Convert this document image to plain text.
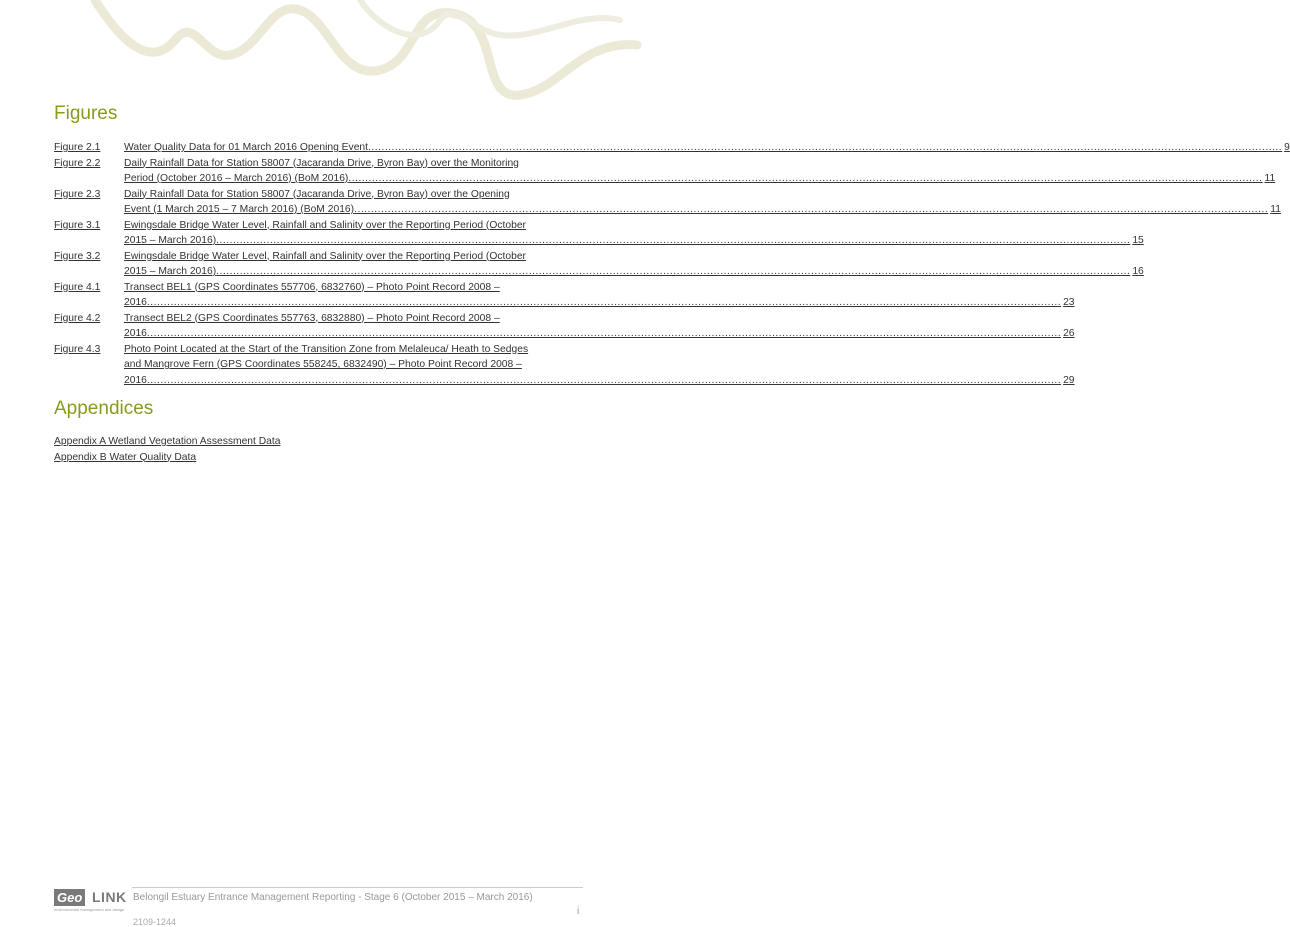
Figures
Figure 2.1	Water Quality Data for 01 March 2016 Opening Event .....	9
Figure 2.2	Daily Rainfall Data for Station 58007 (Jacaranda Drive, Byron Bay) over the Monitoring
Period (October 2016 – March 2016) (BoM 2016) .....	11
Figure 2.3	Daily Rainfall Data for Station 58007 (Jacaranda Drive, Byron Bay) over the Opening
Event (1 March 2015 – 7 March 2016) (BoM 2016) .....	11
Figure 3.1	Ewingsdale Bridge Water Level, Rainfall and Salinity over the Reporting Period (October
2015 – March 2016) .....	15
Figure 3.2	Ewingsdale Bridge Water Level, Rainfall and Salinity over the Reporting Period (October
2015 – March 2016) .....	16
Figure 4.1	Transect BEL1 (GPS Coordinates 557706, 6832760) – Photo Point Record 2008 –
2016 .....	23
Figure 4.2	Transect BEL2 (GPS Coordinates 557763, 6832880) – Photo Point Record 2008 –
2016 .....	26
Figure 4.3	Photo Point Located at the Start of the Transition Zone from Melaleuca/ Heath to Sedges
and Mangrove Fern (GPS Coordinates 558245, 6832490) – Photo Point Record 2008 –
2016 .....	29
Appendices
Appendix A Wetland Vegetation Assessment Data
Appendix B Water Quality Data
Geo LINK
environmental management and design
Belongil Estuary Entrance Management Reporting - Stage 6 (October 2015 – March 2016)
2109-1244
i
